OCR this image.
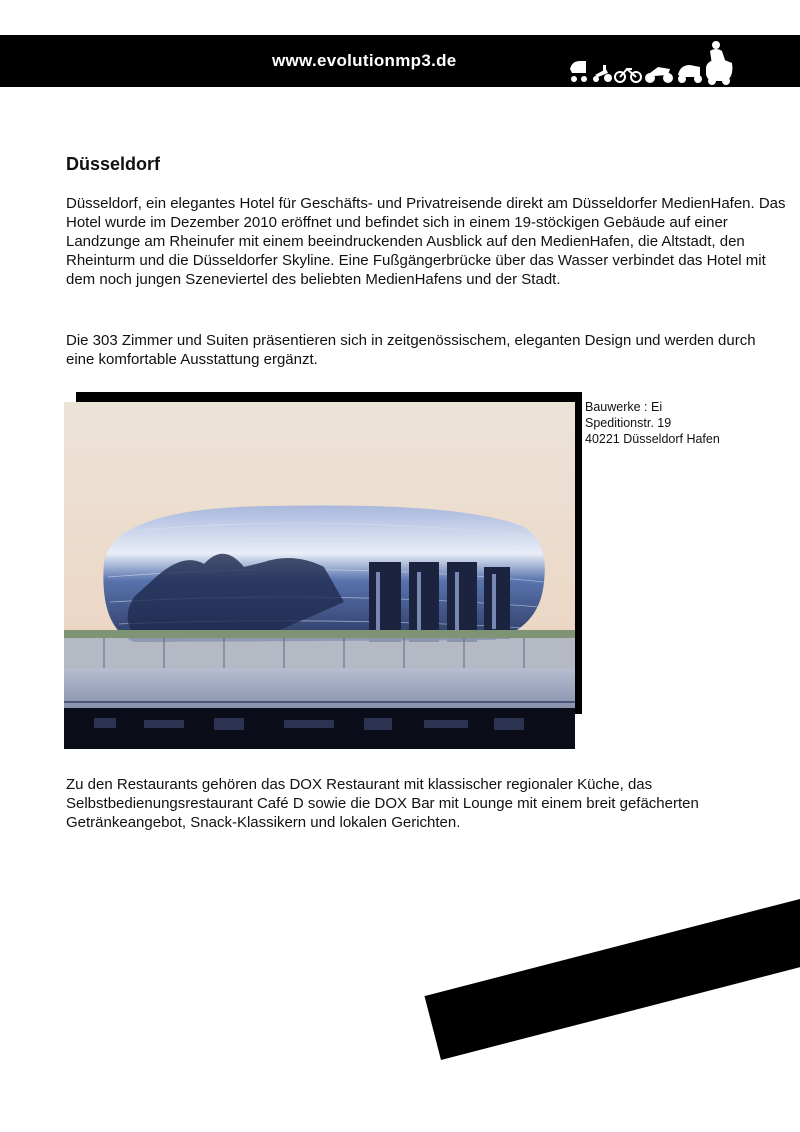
www.evolutionmp3.de
Düsseldorf

Düsseldorf, ein elegantes Hotel für Geschäfts- und Privatreisende direkt am Düsseldorfer MedienHafen. Das Hotel wurde im Dezember 2010 eröffnet und befindet sich in einem 19-stöckigen Gebäude auf einer Landzunge am Rheinufer mit einem beeindruckenden Ausblick auf den MedienHafen, die Altstadt, den Rheinturm und die Düsseldorfer Skyline. Eine Fußgängerbrücke über das Wasser verbindet das Hotel mit dem noch jungen Szeneviertel des beliebten MedienHafens und der Stadt.

Die 303 Zimmer und Suiten präsentieren sich in zeitgenössischem, eleganten Design und werden durch eine komfortable Ausstattung ergänzt.

Bauwerke : Ei
Speditionstr. 19
40221 Düsseldorf Hafen

Zu den Restaurants gehören das DOX Restaurant mit klassischer regionaler Küche, das Selbstbedienungsrestaurant Café D sowie die DOX Bar mit Lounge mit einem breit gefächerten Getränkeangebot, Snack-Klassikern und lokalen Gerichten.

Ei
